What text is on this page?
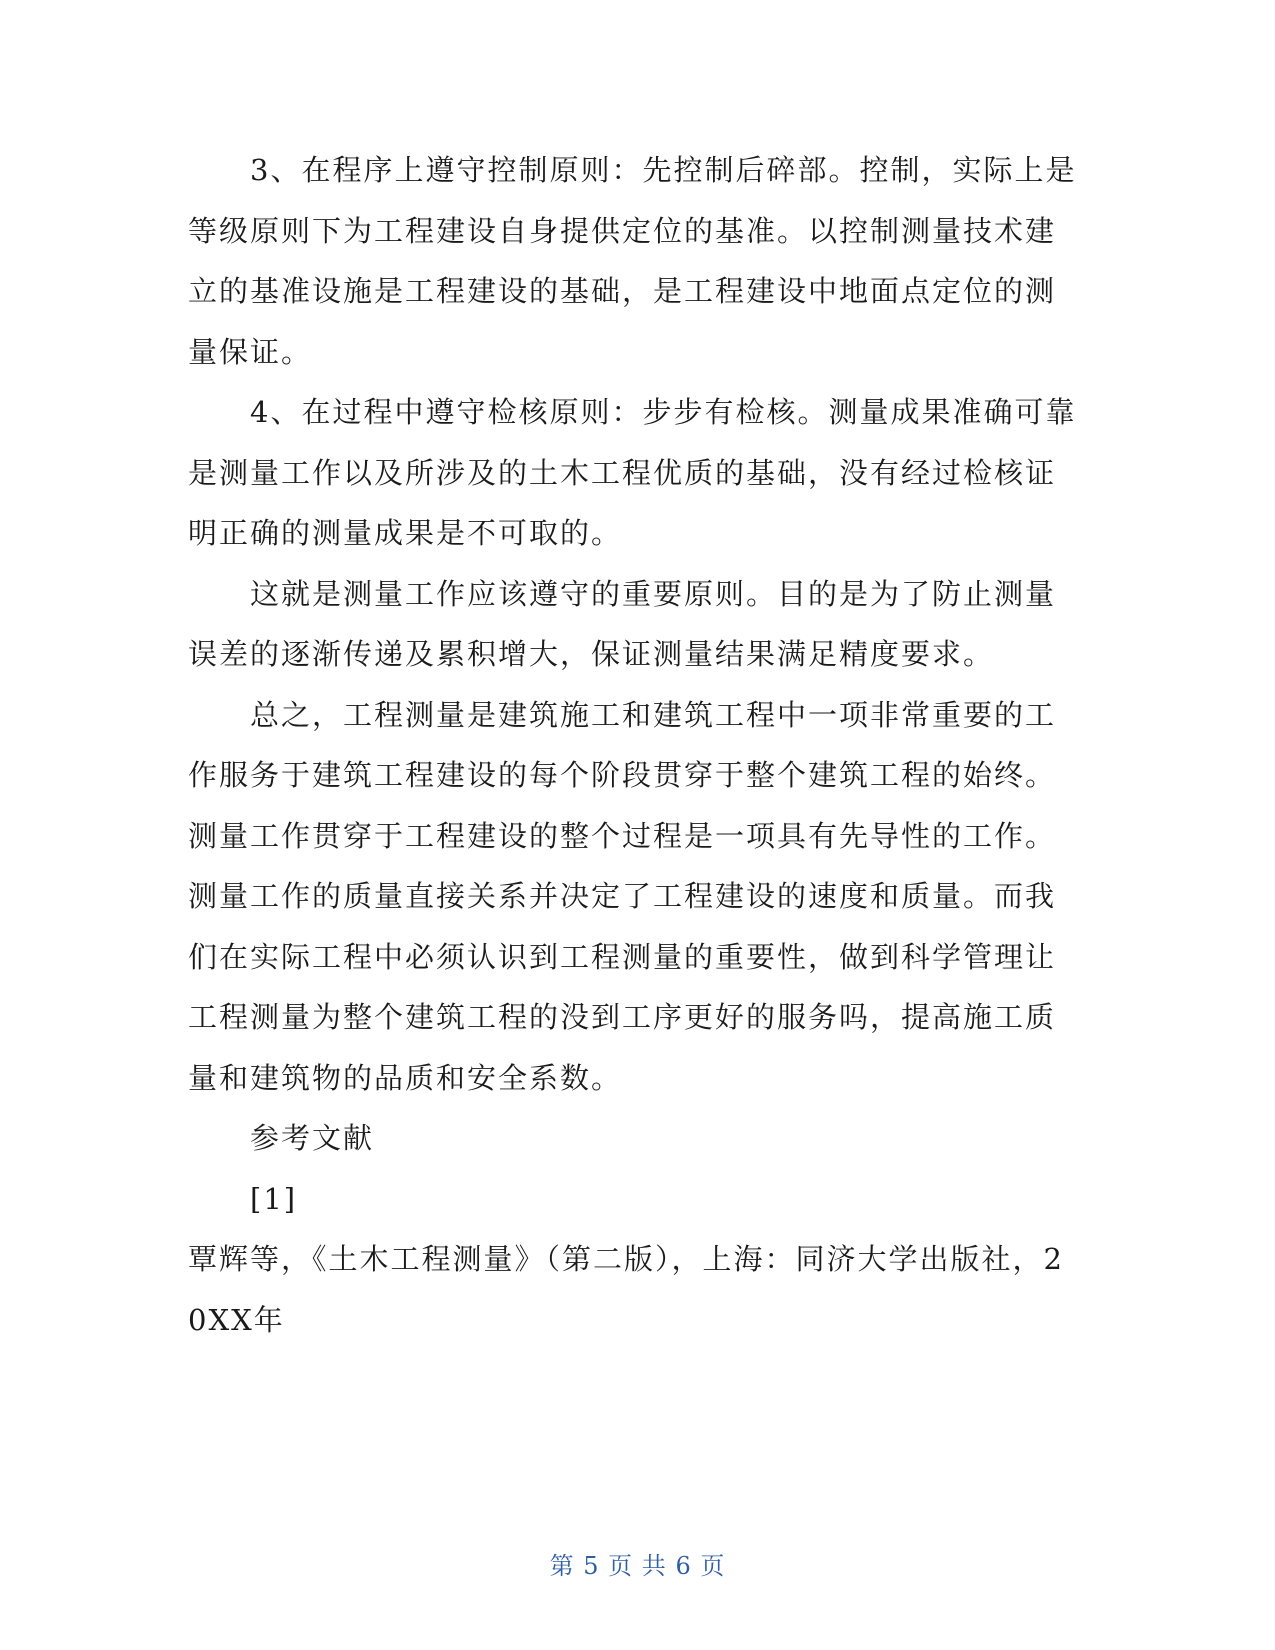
3、在程序上遵守控制原则：先控制后碎部。控制，实际上是
等级原则下为工程建设自身提供定位的基准。以控制测量技术建
立的基准设施是工程建设的基础，是工程建设中地面点定位的测
量保证。
4、在过程中遵守检核原则：步步有检核。测量成果准确可靠
是测量工作以及所涉及的土木工程优质的基础，没有经过检核证
明正确的测量成果是不可取的。
这就是测量工作应该遵守的重要原则。目的是为了防止测量
误差的逐渐传递及累积增大，保证测量结果满足精度要求。
总之，工程测量是建筑施工和建筑工程中一项非常重要的工
作服务于建筑工程建设的每个阶段贯穿于整个建筑工程的始终。
测量工作贯穿于工程建设的整个过程是一项具有先导性的工作。
测量工作的质量直接关系并决定了工程建设的速度和质量。而我
们在实际工程中必须认识到工程测量的重要性，做到科学管理让
工程测量为整个建筑工程的没到工序更好的服务吗，提高施工质
量和建筑物的品质和安全系数。
参考文献
[1]
覃辉等，《土木工程测量》（第二版），上海：同济大学出版社，2
0XX年
第 5 页 共 6 页
